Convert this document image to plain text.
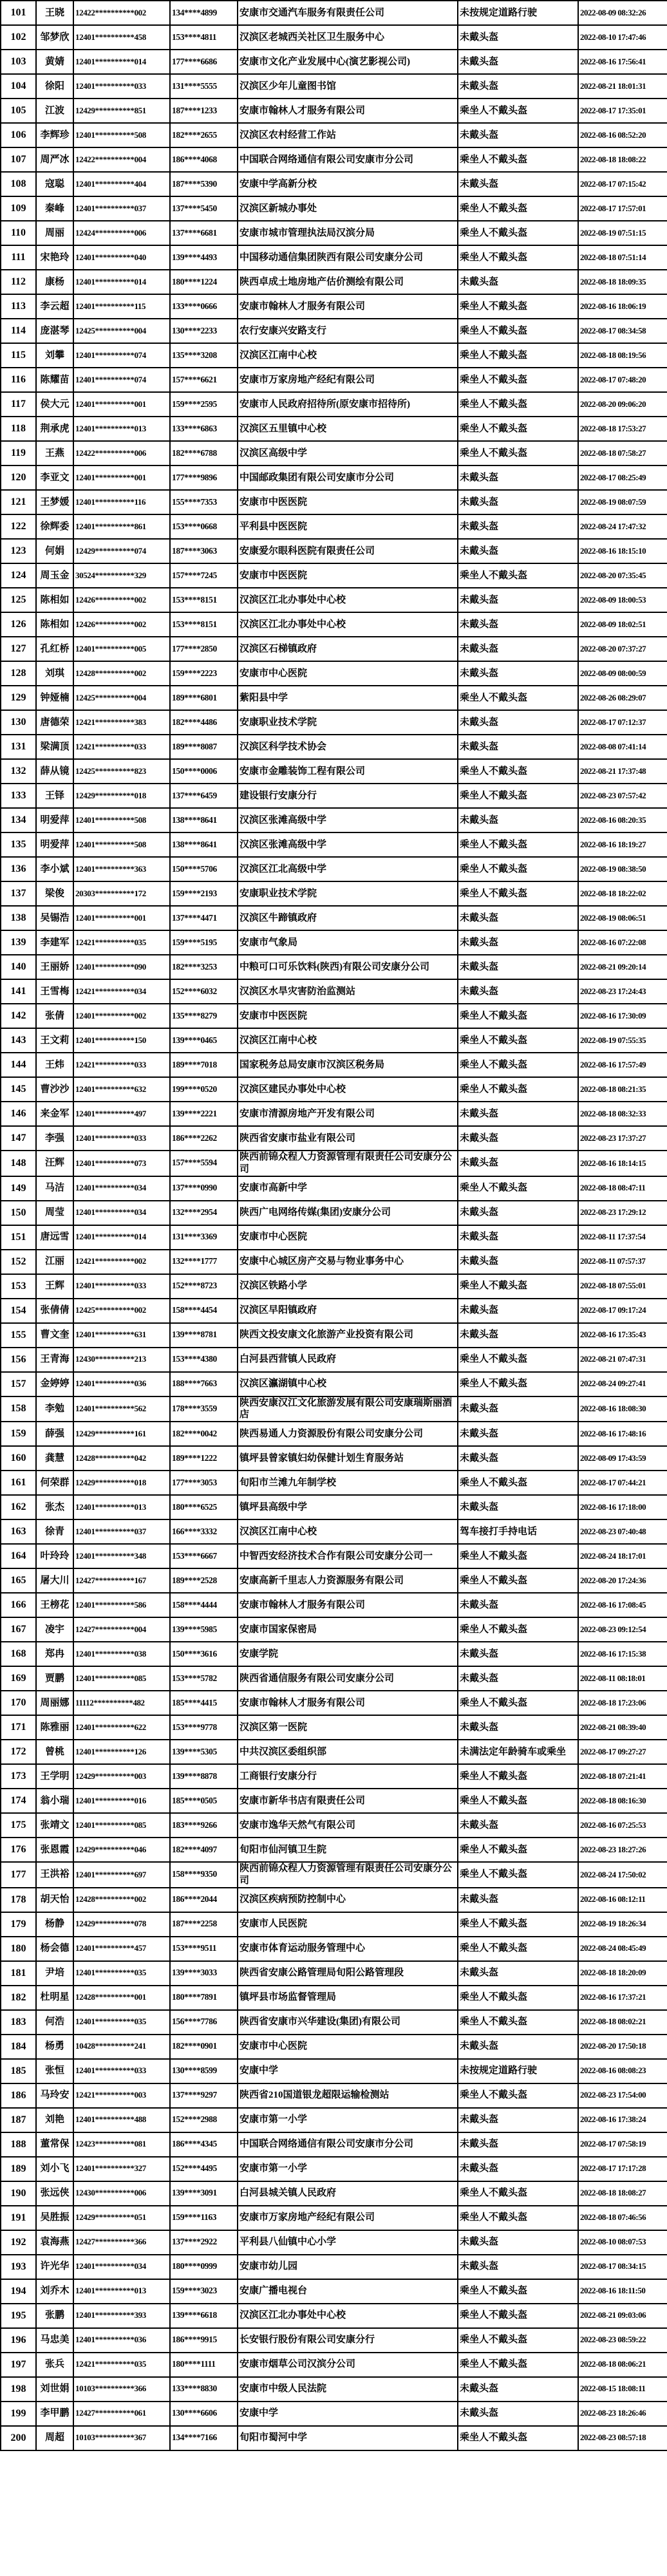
101	王晓	12422**********002	134****4899	安康市交通汽车服务有限责任公司	未按规定道路行驶	2022-08-09 08:32:26
102	邹梦欣	12401**********458	153****4811	汉滨区老城西关社区卫生服务中心	未戴头盔	2022-08-10 17:47:46
103	黄婧	12401**********014	177****6686	安康市文化产业发展中心(演艺影视公司)	未戴头盔	2022-08-16 17:56:41
104	徐阳	12401**********033	131****5555	汉滨区少年儿童图书馆	未戴头盔	2022-08-21 18:01:31
105	江波	12429**********851	187****1233	安康市翰林人才服务有限公司	乘坐人不戴头盔	2022-08-17 17:35:01
106	李辉珍	12401**********508	182****2655	汉滨区农村经营工作站	未戴头盔	2022-08-16 08:52:20
107	周严冰	12422**********004	186****4068	中国联合网络通信有限公司安康市分公司	乘坐人不戴头盔	2022-08-18 18:08:22
108	寇聪	12401**********404	187****5390	安康中学高新分校	未戴头盔	2022-08-17 07:15:42
109	秦峰	12401**********037	137****5450	汉滨区新城办事处	乘坐人不戴头盔	2022-08-17 17:57:01
110	周丽	12424**********006	137****6681	安康市城市管理执法局汉滨分局	乘坐人不戴头盔	2022-08-19 07:51:15
111	宋艳玲	12401**********040	139****4493	中国移动通信集团陕西有限公司安康分公司	乘坐人不戴头盔	2022-08-18 07:51:14
112	康杨	12401**********014	180****1224	陕西卓成土地房地产估价测绘有限公司	未戴头盔	2022-08-18 18:09:35
113	李云超	12401**********115	133****0666	安康市翰林人才服务有限公司	乘坐人不戴头盔	2022-08-16 18:06:19
114	庞湛琴	12425**********004	130****2233	农行安康兴安路支行	乘坐人不戴头盔	2022-08-17 08:34:58
115	刘攀	12401**********074	135****3208	汉滨区江南中心校	乘坐人不戴头盔	2022-08-18 08:19:56
116	陈耀苗	12401**********074	157****6621	安康市万家房地产经纪有限公司	乘坐人不戴头盔	2022-08-17 07:48:20
117	侯大元	12401**********001	159****2595	安康市人民政府招待所(原安康市招待所)	乘坐人不戴头盔	2022-08-20 09:06:20
118	荆承虎	12401**********013	133****6863	汉滨区五里镇中心校	乘坐人不戴头盔	2022-08-18 17:53:27
119	王燕	12422**********006	182****6788	汉滨区高级中学	乘坐人不戴头盔	2022-08-18 07:58:27
120	李亚文	12401**********001	177****9896	中国邮政集团有限公司安康市分公司	未戴头盔	2022-08-17 08:25:49
121	王梦媛	12401**********116	155****7353	安康市中医医院	未戴头盔	2022-08-19 08:07:59
122	徐辉委	12401**********861	153****0668	平利县中医医院	未戴头盔	2022-08-24 17:47:32
123	何娟	12429**********074	187****3063	安康爱尔眼科医院有限责任公司	未戴头盔	2022-08-16 18:15:10
124	周玉金	30524**********329	157****7245	安康市中医医院	乘坐人不戴头盔	2022-08-20 07:35:45
125	陈相如	12426**********002	153****8151	汉滨区江北办事处中心校	未戴头盔	2022-08-09 18:00:53
126	陈相如	12426**********002	153****8151	汉滨区江北办事处中心校	未戴头盔	2022-08-09 18:02:51
127	孔红桥	12401**********005	177****2850	汉滨区石梯镇政府	未戴头盔	2022-08-20 07:37:27
128	刘琪	12428**********002	159****2223	安康市中心医院	未戴头盔	2022-08-09 08:00:59
129	钟娅楠	12425**********004	189****6801	紫阳县中学	乘坐人不戴头盔	2022-08-26 08:29:07
130	唐德荣	12421**********383	182****4486	安康职业技术学院	未戴头盔	2022-08-17 07:12:37
131	梁满顶	12421**********033	189****8087	汉滨区科学技术协会	未戴头盔	2022-08-08 07:41:14
132	薛从镜	12425**********823	150****0006	安康市金雕装饰工程有限公司	乘坐人不戴头盔	2022-08-21 17:37:48
133	王铎	12429**********018	137****6459	建设银行安康分行	乘坐人不戴头盔	2022-08-23 07:57:42
134	明爱萍	12401**********508	138****8641	汉滨区张滩高级中学	未戴头盔	2022-08-16 08:20:35
135	明爱萍	12401**********508	138****8641	汉滨区张滩高级中学	乘坐人不戴头盔	2022-08-16 18:19:27
136	李小斌	12401**********363	150****5706	汉滨区江北高级中学	乘坐人不戴头盔	2022-08-19 08:38:50
137	梁俊	20303**********172	159****2193	安康职业技术学院	乘坐人不戴头盔	2022-08-18 18:22:02
138	吴锡浩	12401**********001	137****4471	汉滨区牛蹄镇政府	未戴头盔	2022-08-19 08:06:51
139	李建军	12421**********035	159****5195	安康市气象局	未戴头盔	2022-08-16 07:22:08
140	王丽娇	12401**********090	182****3253	中粮可口可乐饮料(陕西)有限公司安康分公司	未戴头盔	2022-08-21 09:20:14
141	王雪梅	12421**********034	152****6032	汉滨区水旱灾害防治监测站	未戴头盔	2022-08-23 17:24:43
142	张倩	12401**********002	135****8279	安康市中医医院	乘坐人不戴头盔	2022-08-16 17:30:09
143	王文莉	12401**********150	139****0465	汉滨区江南中心校	乘坐人不戴头盔	2022-08-19 07:55:35
144	王炜	12421**********033	189****7018	国家税务总局安康市汉滨区税务局	乘坐人不戴头盔	2022-08-16 17:57:49
145	曹沙沙	12401**********632	199****0520	汉滨区建民办事处中心校	乘坐人不戴头盔	2022-08-18 08:21:35
146	来金军	12401**********497	139****2221	安康市清源房地产开发有限公司	未戴头盔	2022-08-18 08:32:33
147	李强	12401**********033	186****2262	陕西省安康市盐业有限公司	未戴头盔	2022-08-23 17:37:27
148	汪辉	12401**********073	157****5594	陕西前锦众程人力资源管理有限责任公司安康分公司	未戴头盔	2022-08-16 18:14:15
149	马洁	12401**********034	137****0990	安康市高新中学	乘坐人不戴头盔	2022-08-18 08:47:11
150	周莹	12401**********034	132****2954	陕西广电网络传媒(集团)安康分公司	未戴头盔	2022-08-23 17:29:12
151	唐远雪	12401**********014	131****3369	安康市中心医院	未戴头盔	2022-08-11 17:37:54
152	江丽	12421**********002	132****1777	安康中心城区房产交易与物业事务中心	未戴头盔	2022-08-11 07:57:37
153	王辉	12401**********033	152****8723	汉滨区铁路小学	乘坐人不戴头盔	2022-08-18 07:55:01
154	张倩倩	12425**********002	158****4454	汉滨区早阳镇政府	未戴头盔	2022-08-17 09:17:24
155	曹文奎	12401**********631	139****8781	陕西文投安康文化旅游产业投资有限公司	未戴头盔	2022-08-16 17:35:43
156	王青海	12430**********213	153****4380	白河县西营镇人民政府	乘坐人不戴头盔	2022-08-21 07:47:31
157	金婷婷	12401**********036	188****7663	汉滨区瀛湖镇中心校	乘坐人不戴头盔	2022-08-24 09:27:41
158	李勉	12401**********562	178****3559	陕西安康汉江文化旅游发展有限公司安康瑞斯丽酒店	未戴头盔	2022-08-16 18:08:30
159	薛强	12429**********161	182****0042	陕西易通人力资源股份有限公司安康分公司	未戴头盔	2022-08-16 17:48:16
160	龚慧	12428**********042	189****1222	镇坪县曾家镇妇幼保健计划生育服务站	未戴头盔	2022-08-09 17:43:59
161	何荣群	12429**********018	177****3053	旬阳市兰滩九年制学校	乘坐人不戴头盔	2022-08-17 07:44:21
162	张杰	12401**********013	180****6525	镇坪县高级中学	未戴头盔	2022-08-16 17:18:00
163	徐青	12401**********037	166****3332	汉滨区江南中心校	驾车接打手持电话	2022-08-23 07:40:48
164	叶玲玲	12401**********348	153****6667	中智西安经济技术合作有限公司安康分公司一	乘坐人不戴头盔	2022-08-24 18:17:01
165	屠大川	12427**********167	189****2528	安康高新千里志人力资源服务有限公司	乘坐人不戴头盔	2022-08-20 17:24:36
166	王榜花	12401**********586	158****4444	安康市翰林人才服务有限公司	未戴头盔	2022-08-16 17:08:45
167	凌宇	12427**********004	139****5985	安康市国家保密局	乘坐人不戴头盔	2022-08-23 09:12:54
168	郑冉	12401**********038	150****3616	安康学院	未戴头盔	2022-08-16 17:15:38
169	贾鹏	12401**********085	153****5782	陕西省通信服务有限公司安康分公司	未戴头盔	2022-08-11 08:18:01
170	周丽娜	11112**********482	185****4415	安康市翰林人才服务有限公司	乘坐人不戴头盔	2022-08-18 17:23:06
171	陈雅丽	12401**********622	153****9778	汉滨区第一医院	未戴头盔	2022-08-21 08:39:40
172	曾桃	12401**********126	139****5305	中共汉滨区委组织部	未满法定年龄骑车或乘坐	2022-08-17 09:27:27
173	王学明	12429**********003	139****8878	工商银行安康分行	乘坐人不戴头盔	2022-08-18 07:21:41
174	翁小瑞	12401**********016	185****0505	安康市新华书店有限责任公司	乘坐人不戴头盔	2022-08-18 08:16:30
175	张靖文	12401**********085	183****9266	安康市逸华天然气有限公司	未戴头盔	2022-08-16 07:25:53
176	张恩霞	12429**********046	182****4097	旬阳市仙河镇卫生院	乘坐人不戴头盔	2022-08-23 18:27:26
177	王洪裕	12401**********697	158****9350	陕西前锦众程人力资源管理有限责任公司安康分公司	乘坐人不戴头盔	2022-08-24 17:50:02
178	胡天怡	12428**********002	186****2044	汉滨区疾病预防控制中心	未戴头盔	2022-08-16 08:12:11
179	杨静	12429**********078	187****2258	安康市人民医院	乘坐人不戴头盔	2022-08-19 18:26:34
180	杨会德	12401**********457	153****9511	安康市体育运动服务管理中心	乘坐人不戴头盔	2022-08-24 08:45:49
181	尹培	12401**********035	139****3033	陕西省安康公路管理局旬阳公路管理段	未戴头盔	2022-08-18 18:20:09
182	杜明星	12428**********001	180****7891	镇坪县市场监督管理局	乘坐人不戴头盔	2022-08-16 17:37:21
183	何浩	12401**********035	156****7786	陕西省安康市兴华建设(集团)有限公司	乘坐人不戴头盔	2022-08-18 08:02:21
184	杨勇	10428**********241	182****0901	安康市中心医院	未戴头盔	2022-08-20 17:50:18
185	张恒	12401**********033	130****8599	安康中学	未按规定道路行驶	2022-08-16 08:08:23
186	马玲安	12421**********003	137****9297	陕西省210国道银龙超限运输检测站	乘坐人不戴头盔	2022-08-23 17:54:00
187	刘艳	12401**********488	152****2988	安康市第一小学	未戴头盔	2022-08-16 17:38:24
188	董常保	12423**********081	186****4345	中国联合网络通信有限公司安康市分公司	未戴头盔	2022-08-17 07:58:19
189	刘小飞	12401**********327	152****4495	安康市第一小学	未戴头盔	2022-08-17 17:17:28
190	张远侠	12430**********006	139****3091	白河县城关镇人民政府	乘坐人不戴头盔	2022-08-18 18:08:27
191	吴胜振	12429**********051	159****1163	安康市万家房地产经纪有限公司	乘坐人不戴头盔	2022-08-18 07:46:56
192	袁海燕	12427**********366	137****2922	平利县八仙镇中心小学	未戴头盔	2022-08-10 08:07:53
193	许光华	12401**********034	180****0999	安康市幼儿园	未戴头盔	2022-08-17 08:34:15
194	刘乔木	12401**********013	159****3023	安康广播电视台	乘坐人不戴头盔	2022-08-16 18:11:50
195	张鹏	12401**********393	139****6618	汉滨区江北办事处中心校	乘坐人不戴头盔	2022-08-21 09:03:06
196	马忠美	12401**********036	186****9915	长安银行股份有限公司安康分行	乘坐人不戴头盔	2022-08-23 08:59:22
197	张兵	12421**********035	180****1111	安康市烟草公司汉滨分公司	乘坐人不戴头盔	2022-08-18 08:06:21
198	刘世娟	10103**********366	133****8830	安康市中级人民法院	未戴头盔	2022-08-15 18:08:11
199	李甲鹏	12427**********061	130****6606	安康中学	未戴头盔	2022-08-23 18:26:46
200	周超	10103**********367	134****7166	旬阳市蜀河中学	乘坐人不戴头盔	2022-08-23 08:57:18
